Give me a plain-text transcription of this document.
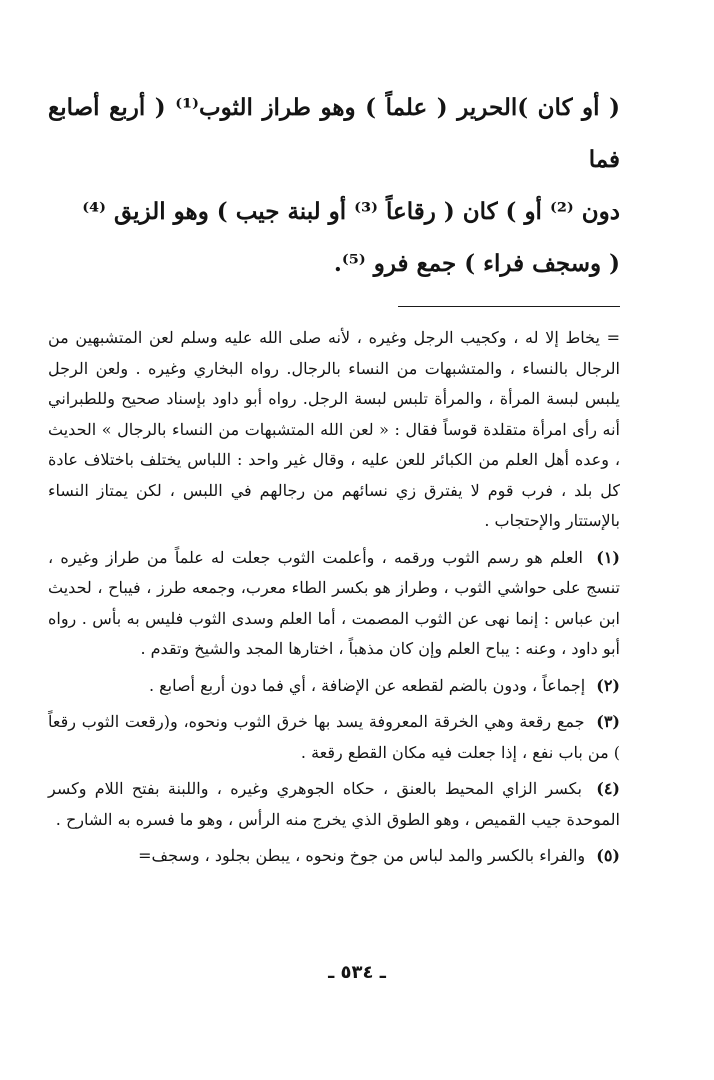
( أو كان )الحرير ( علماً ) وهو طراز الثوب⁽¹⁾ ( أربع أصابع فما

دون ⁽²⁾ أو ) كان ( رقاعاً ⁽³⁾ أو لبنة جيب ) وهو الزيق ⁽⁴⁾

( وسجف فراء ) جمع فرو ⁽⁵⁾.

= يخاط إلا له ، وكجيب الرجل وغيره ، لأنه صلى الله عليه وسلم لعن المتشبهين من الرجال بالنساء ، والمتشبهات من النساء بالرجال. رواه البخاري وغيره . ولعن الرجل يلبس لبسة المرأة ، والمرأة تلبس لبسة الرجل. رواه أبو داود بإسناد صحيح وللطبراني أنه رأى امرأة متقلدة قوساً فقال : « لعن الله المتشبهات من النساء بالرجال » الحديث ، وعده أهل العلم من الكبائر للعن عليه ، وقال غير واحد : اللباس يختلف باختلاف عادة كل بلد ، فرب قوم لا يفترق زي نسائهم من رجالهم في اللبس ، لكن يمتاز النساء بالإستتار والإحتجاب .

(١) العلم هو رسم الثوب ورقمه ، وأعلمت الثوب جعلت له علماً من طراز وغيره ، تنسج على حواشي الثوب ، وطراز هو بكسر الطاء معرب، وجمعه طرز ، فيباح ، لحديث ابن عباس : إنما نهى عن الثوب المصمت ، أما العلم وسدى الثوب فليس به بأس . رواه أبو داود ، وعنه : يباح العلم وإن كان مذهباً ، اختارها المجد والشيخ وتقدم .

(٢) إجماعاً ، ودون بالضم لقطعه عن الإضافة ، أي فما دون أربع أصابع .

(٣) جمع رقعة وهي الخرقة المعروفة يسد بها خرق الثوب ونحوه، و(رقعت الثوب رقعاً ) من باب نفع ، إذا جعلت فيه مكان القطع رقعة .

(٤) بكسر الزاي المحيط بالعنق ، حكاه الجوهري وغيره ، واللبنة بفتح اللام وكسر الموحدة جيب القميص ، وهو الطوق الذي يخرج منه الرأس ، وهو ما فسره به الشارح .

(٥) والفراء بالكسر والمد لباس من جوخ ونحوه ، يبطن بجلود ، وسجف=

ـ ٥٣٤ ـ
